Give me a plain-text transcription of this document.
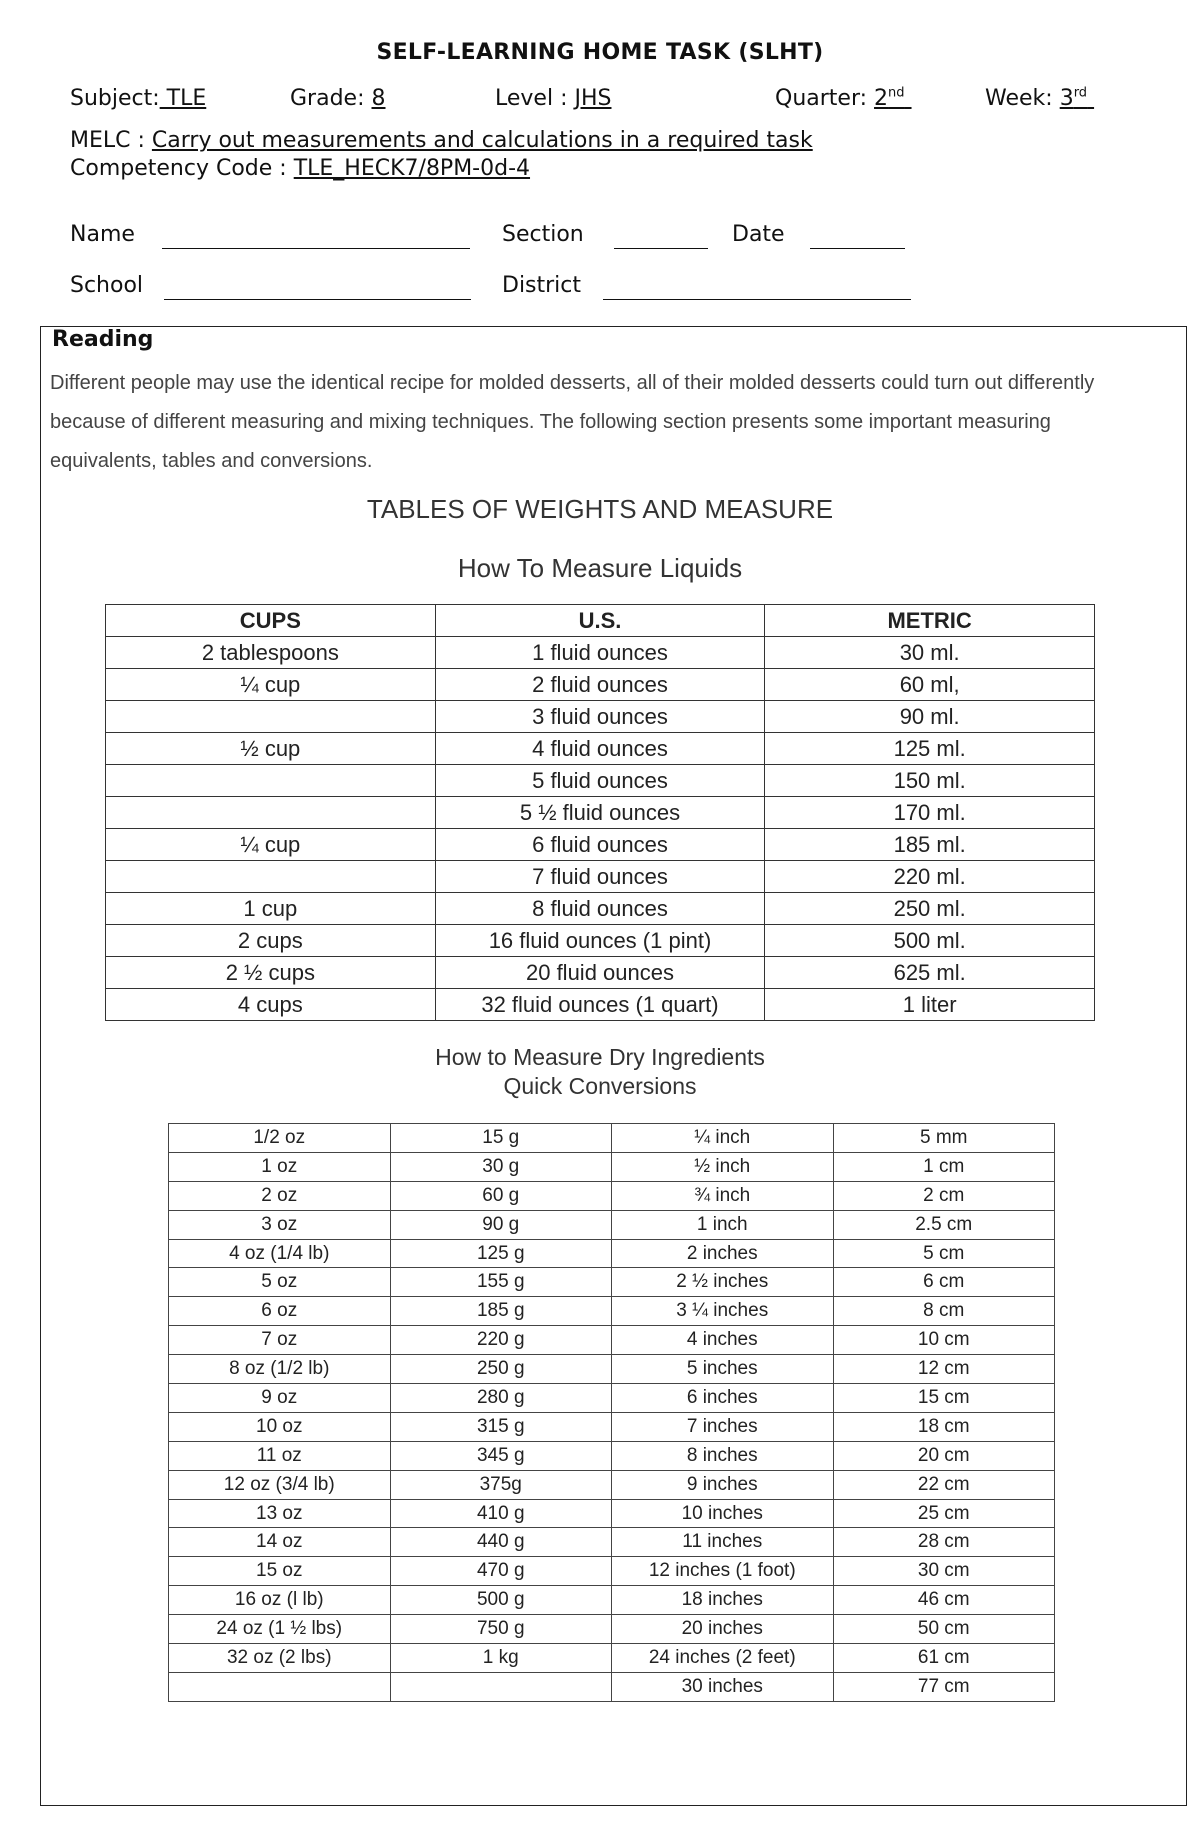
SELF-LEARNING HOME TASK (SLHT)
Subject: TLE	Grade: 8	Level : JHS	Quarter: 2nd	Week: 3rd
MELC : Carry out measurements and calculations in a required task
Competency Code : TLE_HECK7/8PM-0d-4
Name	Section	Date
School	District
Reading
Different people may use the identical recipe for molded desserts, all of their molded desserts could turn out differently because of different measuring and mixing techniques. The following section presents some important measuring equivalents, tables and conversions.
TABLES OF WEIGHTS AND MEASURE
How To Measure Liquids
CUPS	U.S.	METRIC
2 tablespoons	1 fluid ounces	30 ml.
¼ cup	2 fluid ounces	60 ml,
	3 fluid ounces	90 ml.
½ cup	4 fluid ounces	125 ml.
	5 fluid ounces	150 ml.
	5 ½ fluid ounces	170 ml.
¼ cup	6 fluid ounces	185 ml.
	7 fluid ounces	220 ml.
1 cup	8 fluid ounces	250 ml.
2 cups	16 fluid ounces (1 pint)	500 ml.
2 ½ cups	20 fluid ounces	625 ml.
4 cups	32 fluid ounces (1 quart)	1 liter
How to Measure Dry Ingredients
Quick Conversions
1/2 oz	15 g	¼ inch	5 mm
1 oz	30 g	½ inch	1 cm
2 oz	60 g	¾ inch	2 cm
3 oz	90 g	1 inch	2.5 cm
4 oz (1/4 lb)	125 g	2 inches	5 cm
5 oz	155 g	2 ½ inches	6 cm
6 oz	185 g	3 ¼ inches	8 cm
7 oz	220 g	4 inches	10 cm
8 oz (1/2 lb)	250 g	5 inches	12 cm
9 oz	280 g	6 inches	15 cm
10 oz	315 g	7 inches	18 cm
11 oz	345 g	8 inches	20 cm
12 oz (3/4 lb)	375g	9 inches	22 cm
13 oz	410 g	10 inches	25 cm
14 oz	440 g	11 inches	28 cm
15 oz	470 g	12 inches (1 foot)	30 cm
16 oz (l lb)	500 g	18 inches	46 cm
24 oz (1 ½ lbs)	750 g	20 inches	50 cm
32 oz (2 lbs)	1 kg	24 inches (2 feet)	61 cm
		30 inches	77 cm
